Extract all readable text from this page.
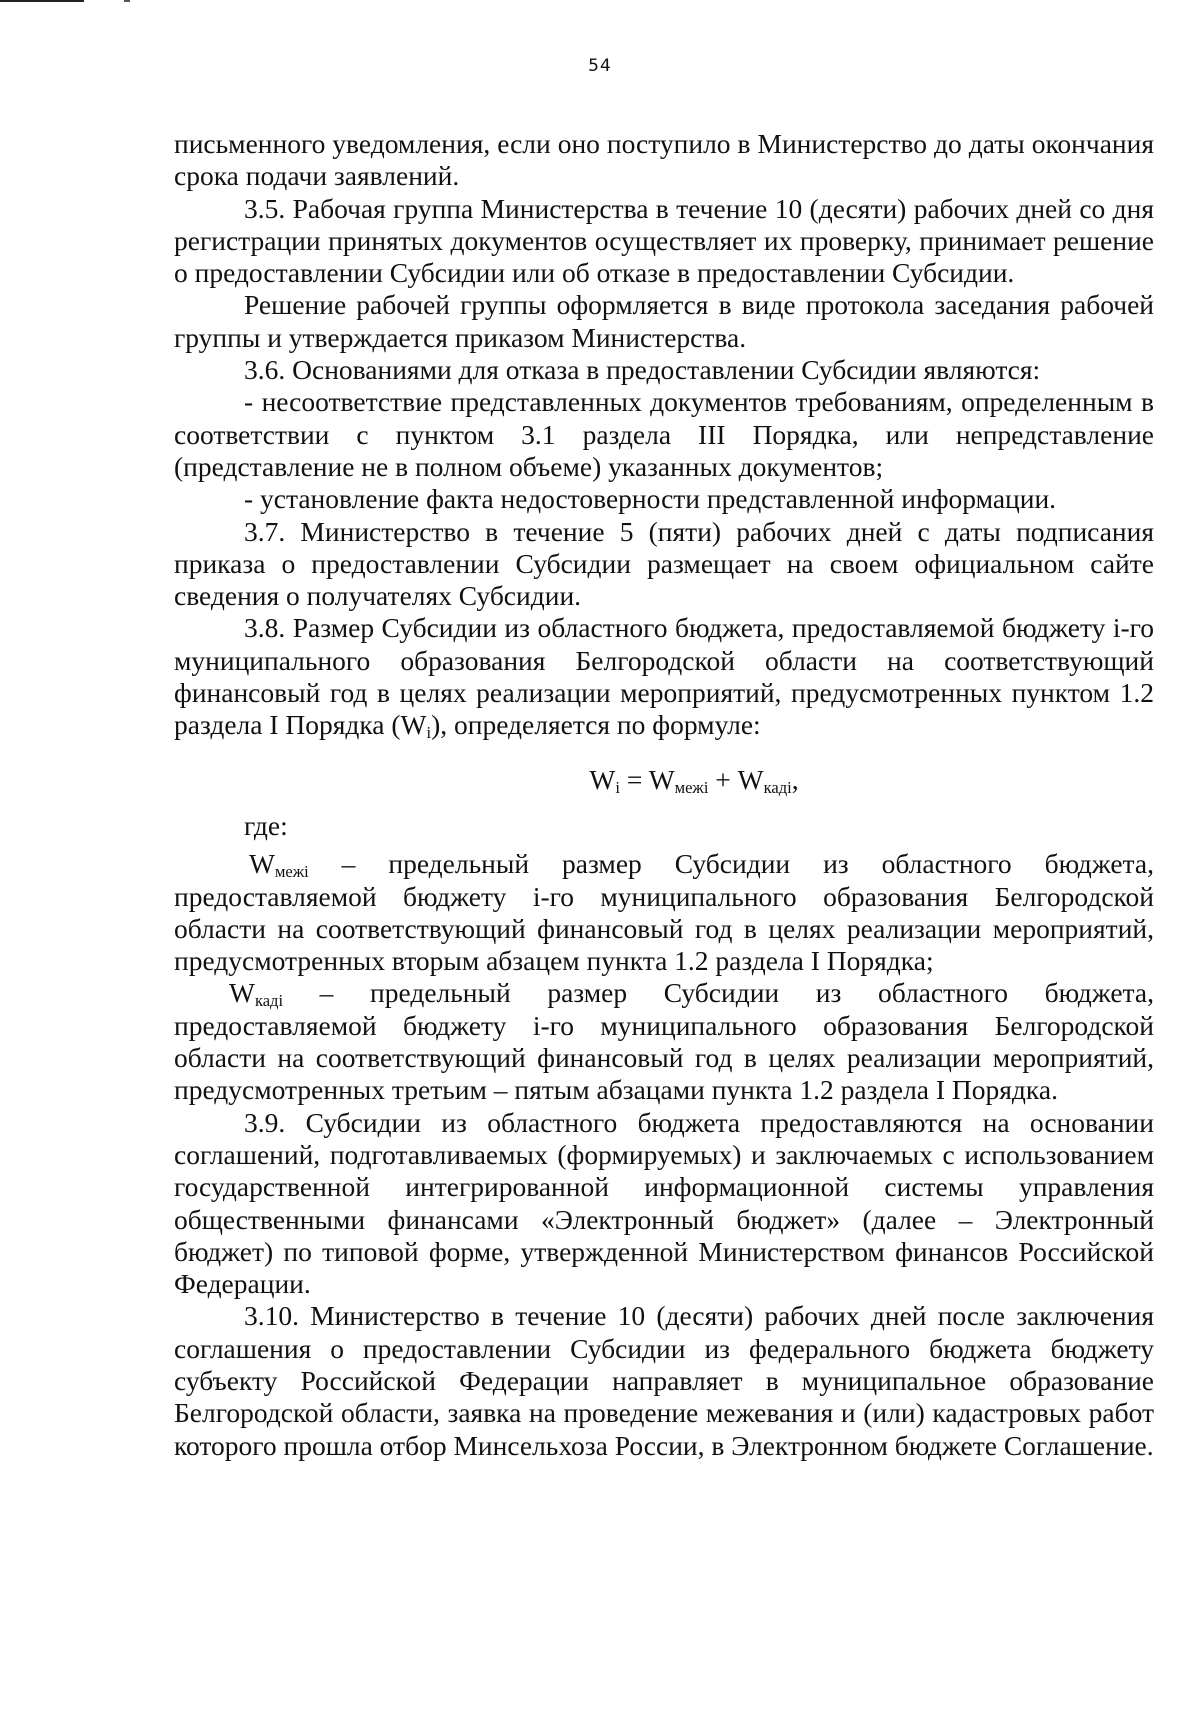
54

письменного уведомления, если оно поступило в Министерство до даты окончания срока подачи заявлений.

3.5. Рабочая группа Министерства в течение 10 (десяти) рабочих дней со дня регистрации принятых документов осуществляет их проверку, принимает решение о предоставлении Субсидии или об отказе в предоставлении Субсидии.

Решение рабочей группы оформляется в виде протокола заседания рабочей группы и утверждается приказом Министерства.

3.6. Основаниями для отказа в предоставлении Субсидии являются:

- несоответствие представленных документов требованиям, определенным в соответствии с пунктом 3.1 раздела III Порядка, или непредставление (представление не в полном объеме) указанных документов;

- установление факта недостоверности представленной информации.

3.7. Министерство в течение 5 (пяти) рабочих дней с даты подписания приказа о предоставлении Субсидии размещает на своем официальном сайте сведения о получателях Субсидии.

3.8. Размер Субсидии из областного бюджета, предоставляемой бюджету i-го муниципального образования Белгородской области на соответствующий финансовый год в целях реализации мероприятий, предусмотренных пунктом 1.2 раздела I Порядка $(W_i)$, определяется по формуле:

$W_i = W_{межі} + W_{каді}$,

где:

$W_{межі}$ – предельный размер Субсидии из областного бюджета, предоставляемой бюджету i-го муниципального образования Белгородской области на соответствующий финансовый год в целях реализации мероприятий, предусмотренных вторым абзацем пункта 1.2 раздела I Порядка;

$W_{каді}$ – предельный размер Субсидии из областного бюджета, предоставляемой бюджету i-го муниципального образования Белгородской области на соответствующий финансовый год в целях реализации мероприятий, предусмотренных третьим – пятым абзацами пункта 1.2 раздела I Порядка.

3.9. Субсидии из областного бюджета предоставляются на основании соглашений, подготавливаемых (формируемых) и заключаемых с использованием государственной интегрированной информационной системы управления общественными финансами «Электронный бюджет» (далее – Электронный бюджет) по типовой форме, утвержденной Министерством финансов Российской Федерации.

3.10. Министерство в течение 10 (десяти) рабочих дней после заключения соглашения о предоставлении Субсидии из федерального бюджета бюджету субъекту Российской Федерации направляет в муниципальное образование Белгородской области, заявка на проведение межевания и (или) кадастровых работ которого прошла отбор Минсельхоза России, в Электронном бюджете Соглашение.
